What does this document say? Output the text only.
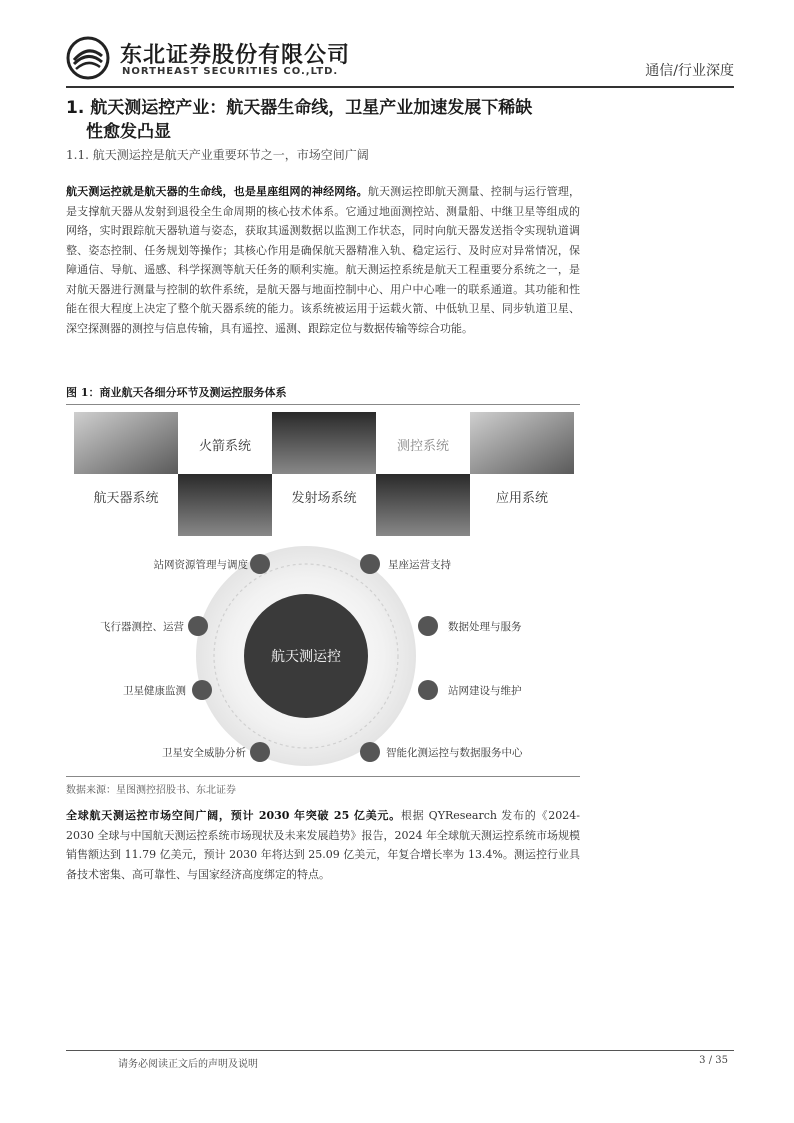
东北证券股份有限公司
NORTHEAST SECURITIES CO.,LTD.	通信/行业深度
1. 航天测运控产业：航天器生命线，卫星产业加速发展下稀缺
性愈发凸显
1.1. 航天测运控是航天产业重要环节之一，市场空间广阔
航天测运控就是航天器的生命线，也是星座组网的神经网络。航天测运控即航天测量、控制与运行管理，是支撑航天器从发射到退役全生命周期的核心技术体系。它通过地面测控站、测量船、中继卫星等组成的网络，实时跟踪航天器轨道与姿态，获取其遥测数据以监测工作状态，同时向航天器发送指令实现轨道调整、姿态控制、任务规划等操作；其核心作用是确保航天器精准入轨、稳定运行、及时应对异常情况，保障通信、导航、遥感、科学探测等航天任务的顺利实施。航天测运控系统是航天工程重要分系统之一，是对航天器进行测量与控制的软件系统，是航天器与地面控制中心、用户中心唯一的联系通道。其功能和性能在很大程度上决定了整个航天器系统的能力。该系统被运用于运载火箭、中低轨卫星、同步轨道卫星、深空探测器的测控与信息传输，具有遥控、遥测、跟踪定位与数据传输等综合功能。
图 1：商业航天各细分环节及测运控服务体系
火箭系统	测控系统
航天器系统	发射场系统	应用系统
航天测运控
站网资源管理与调度	星座运营支持
飞行器测控、运营	数据处理与服务
卫星健康监测	站网建设与维护
卫星安全威胁分析	智能化测运控与数据服务中心
数据来源：星图测控招股书、东北证券
全球航天测运控市场空间广阔，预计 2030 年突破 25 亿美元。根据 QYResearch 发布的《2024-2030 全球与中国航天测运控系统市场现状及未来发展趋势》报告，2024 年全球航天测运控系统市场规模销售额达到 11.79 亿美元，预计 2030 年将达到 25.09 亿美元，年复合增长率为 13.4%。测运控行业具备技术密集、高可靠性、与国家经济高度绑定的特点。
请务必阅读正文后的声明及说明	3 / 35
